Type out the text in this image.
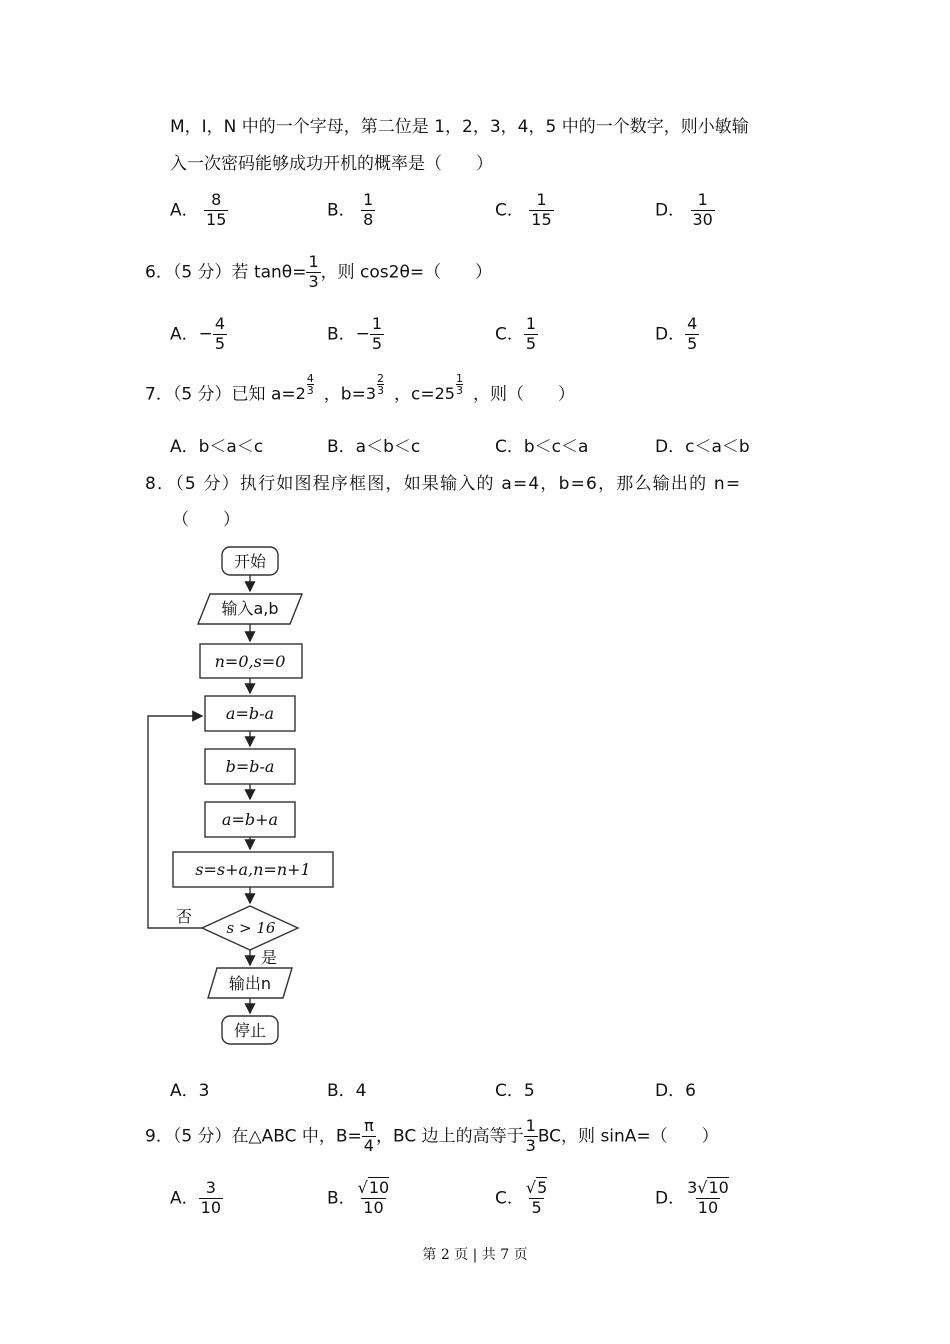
M，I，N 中的一个字母，第二位是 1，2，3，4，5 中的一个数字，则小敏输
入一次密码能够成功开机的概率是（　　）
A． $\frac{8}{15}$	B． $\frac{1}{8}$	C． $\frac{1}{15}$	D． $\frac{1}{30}$
6．（5 分）若 $\tan\theta= \frac{1}{3}$ ，则 cos2θ=（　　）
A．− $\frac{4}{5}$	B．− $\frac{1}{5}$	C． $\frac{1}{5}$	D． $\frac{4}{5}$
7．（5 分）已知 a=2
4
3 ，b=3
2
3 ，c=25
1
3 ，则（　　）
A．b＜a＜c	B．a＜b＜c	C．b＜c＜a	D．c＜a＜b
8．（5 分）执行如图程序框图，如果输入的 a=4，b=6，那么输出的 n=
（　　）
开始
输入a,b
n=0,s=0
a=b-a
b=b-a
a=b+a
s=s+a,n=n+1
s > 16
否
是
输出n
停止
A．3	B．4	C．5	D．6
9．（5 分）在△ABC 中，$B= \frac{\pi}{4}$ ，BC 边上的高等于 $\frac{1}{3}$ BC，则 sinA=（　　）
A． $\frac{3}{10}$	B． $\frac{√10}{10}$	C． $\frac{√5}{5}$	D． $\frac{3√10}{10}$
第 2 页 | 共 7 页
